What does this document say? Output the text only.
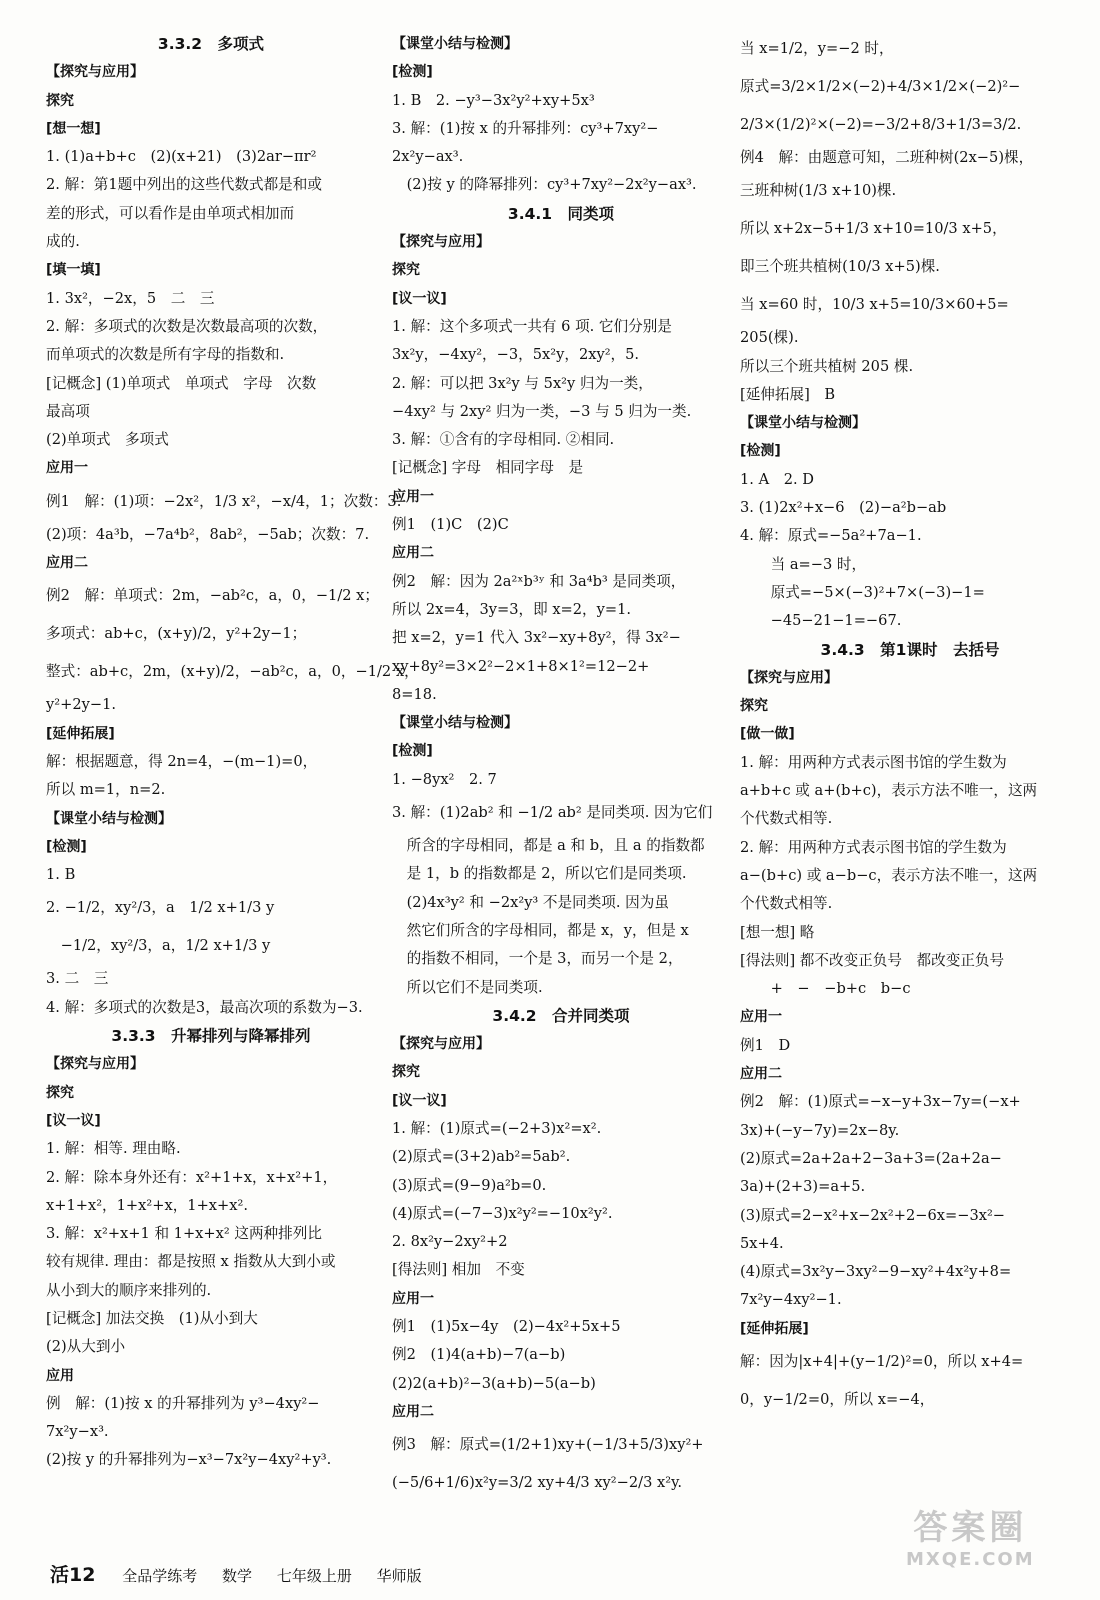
3.3.2　多项式
【探究与应用】
探究
[想一想]
1. (1)a+b+c　(2)(x+21)　(3)2ar−πr²
2. 解：第1题中列出的这些代数式都是和或
差的形式，可以看作是由单项式相加而
成的.
[填一填]
1. 3x²，−2x，5　二　三
2. 解：多项式的次数是次数最高项的次数，
而单项式的次数是所有字母的指数和.
[记概念] (1)单项式　单项式　字母　次数
最高项
(2)单项式　多项式
应用一
例1　解：(1)项：−2x²，1/3 x²，−x/4，1；次数：3.
(2)项：4a³b，−7a⁴b²，8ab²，−5ab；次数：7.
应用二
例2　解：单项式：2m，−ab²c，a，0，−1/2 x；
多项式：ab+c，(x+y)/2，y²+2y−1；
整式：ab+c，2m，(x+y)/2，−ab²c，a，0，−1/2 x，
y²+2y−1.
[延伸拓展]
解：根据题意，得 2n=4，−(m−1)=0，
所以 m=1，n=2.
【课堂小结与检测】
[检测]
1. B
2. −1/2，xy²/3，a　1/2 x+1/3 y
　−1/2，xy²/3，a，1/2 x+1/3 y
3. 二　三
4. 解：多项式的次数是3，最高次项的系数为−3.
3.3.3　升幂排列与降幂排列
【探究与应用】
探究
[议一议]
1. 解：相等. 理由略.
2. 解：除本身外还有：x²+1+x，x+x²+1，
x+1+x²，1+x²+x，1+x+x².
3. 解：x²+x+1 和 1+x+x² 这两种排列比
较有规律. 理由：都是按照 x 指数从大到小或
从小到大的顺序来排列的.
[记概念] 加法交换　(1)从小到大
(2)从大到小
应用
例　解：(1)按 x 的升幂排列为 y³−4xy²−
7x²y−x³.
(2)按 y 的升幂排列为−x³−7x²y−4xy²+y³.
【课堂小结与检测】
[检测]
1. B　2. −y³−3x²y²+xy+5x³
3. 解：(1)按 x 的升幂排列：cy³+7xy²−
2x²y−ax³.
　(2)按 y 的降幂排列：cy³+7xy²−2x²y−ax³.
3.4.1　同类项
【探究与应用】
探究
[议一议]
1. 解：这个多项式一共有 6 项. 它们分别是
3x²y，−4xy²，−3，5x²y，2xy²，5.
2. 解：可以把 3x²y 与 5x²y 归为一类，
−4xy² 与 2xy² 归为一类，−3 与 5 归为一类.
3. 解：①含有的字母相同. ②相同.
[记概念] 字母　相同字母　是
应用一
例1　(1)C　(2)C
应用二
例2　解：因为 2a²ˣb³ʸ 和 3a⁴b³ 是同类项，
所以 2x=4，3y=3，即 x=2，y=1.
把 x=2，y=1 代入 3x²−xy+8y²，得 3x²−
xy+8y²=3×2²−2×1+8×1²=12−2+
8=18.
【课堂小结与检测】
[检测]
1. −8yx²　2. 7
3. 解：(1)2ab² 和 −1/2 ab² 是同类项. 因为它们
　所含的字母相同，都是 a 和 b，且 a 的指数都
　是 1，b 的指数都是 2，所以它们是同类项.
　(2)4x³y² 和 −2x²y³ 不是同类项. 因为虽
　然它们所含的字母相同，都是 x，y，但是 x
　的指数不相同，一个是 3，而另一个是 2，
　所以它们不是同类项.
3.4.2　合并同类项
【探究与应用】
探究
[议一议]
1. 解：(1)原式=(−2+3)x²=x².
(2)原式=(3+2)ab²=5ab².
(3)原式=(9−9)a²b=0.
(4)原式=(−7−3)x²y²=−10x²y².
2. 8x²y−2xy²+2
[得法则] 相加　不变
应用一
例1　(1)5x−4y　(2)−4x²+5x+5
例2　(1)4(a+b)−7(a−b)
(2)2(a+b)²−3(a+b)−5(a−b)
应用二
例3　解：原式=(1/2+1)xy+(−1/3+5/3)xy²+
(−5/6+1/6)x²y=3/2 xy+4/3 xy²−2/3 x²y.
当 x=1/2，y=−2 时，
原式=3/2×1/2×(−2)+4/3×1/2×(−2)²−
2/3×(1/2)²×(−2)=−3/2+8/3+1/3=3/2.
例4　解：由题意可知，二班种树(2x−5)棵，
三班种树(1/3 x+10)棵.
所以 x+2x−5+1/3 x+10=10/3 x+5，
即三个班共植树(10/3 x+5)棵.
当 x=60 时，10/3 x+5=10/3×60+5=
205(棵).
所以三个班共植树 205 棵.
[延伸拓展]　B
【课堂小结与检测】
[检测]
1. A　2. D
3. (1)2x²+x−6　(2)−a²b−ab
4. 解：原式=−5a²+7a−1.
　当 a=−3 时，
　原式=−5×(−3)²+7×(−3)−1=
　−45−21−1=−67.
3.4.3　第1课时　去括号
【探究与应用】
探究
[做一做]
1. 解：用两种方式表示图书馆的学生数为
a+b+c 或 a+(b+c)，表示方法不唯一，这两
个代数式相等.
2. 解：用两种方式表示图书馆的学生数为
a−(b+c) 或 a−b−c，表示方法不唯一，这两
个代数式相等.
[想一想] 略
[得法则] 都不改变正负号　都改变正负号
　+　−　−b+c　b−c
应用一
例1　D
应用二
例2　解：(1)原式=−x−y+3x−7y=(−x+
3x)+(−y−7y)=2x−8y.
(2)原式=2a+2a+2−3a+3=(2a+2a−
3a)+(2+3)=a+5.
(3)原式=2−x²+x−2x²+2−6x=−3x²−
5x+4.
(4)原式=3x²y−3xy²−9−xy²+4x²y+8=
7x²y−4xy²−1.
[延伸拓展]
解：因为|x+4|+(y−1/2)²=0，所以 x+4=
0，y−1/2=0，所以 x=−4，
活12 全品学练考 数学 七年级上册 华师版
答案圈
MXQE.COM
